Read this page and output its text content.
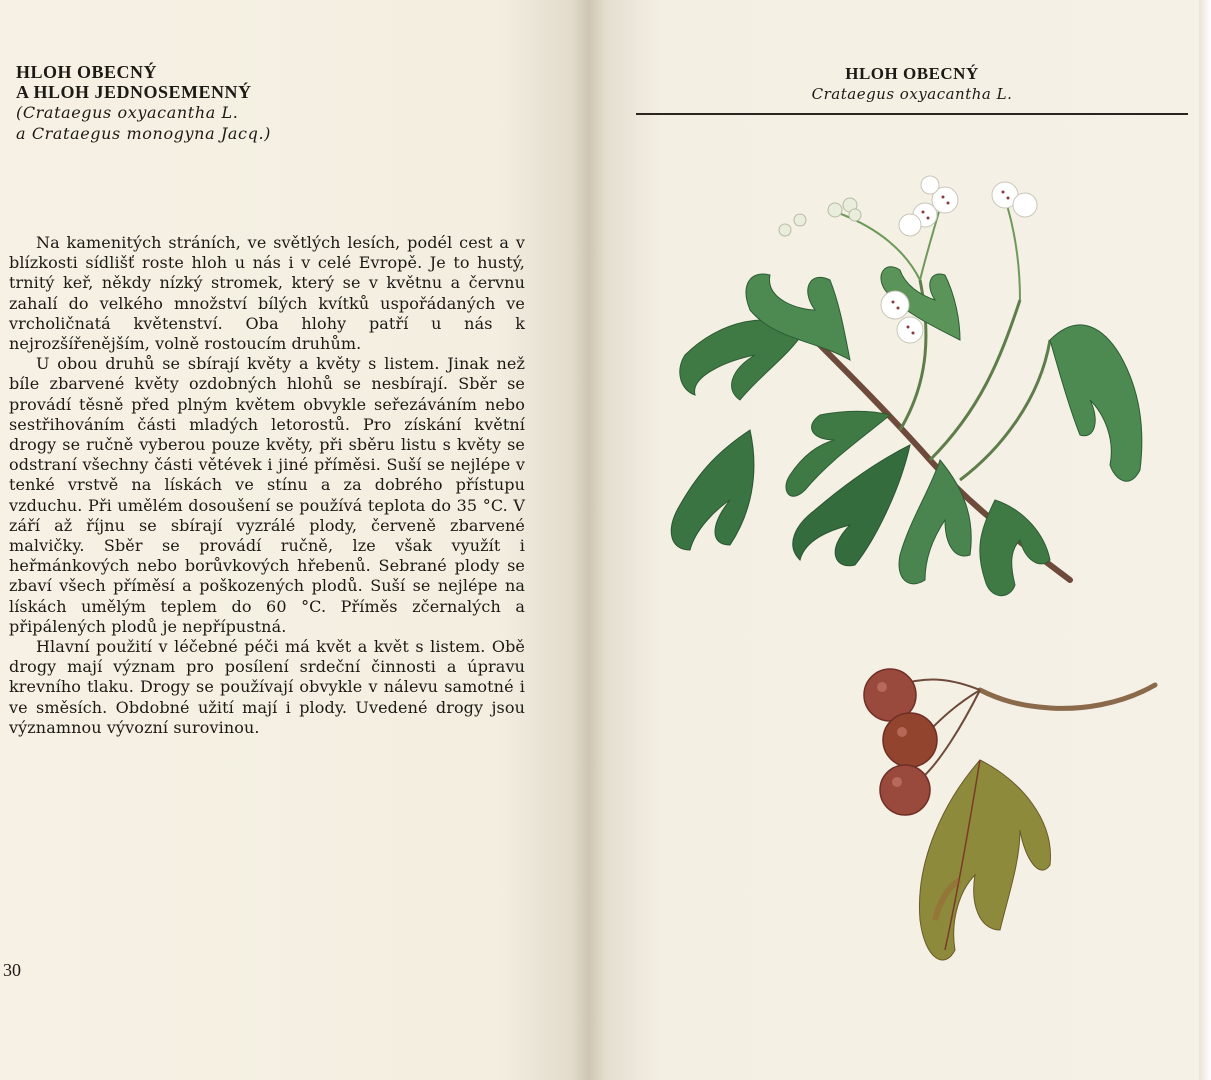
HLOH OBECNÝ
A HLOH JEDNOSEMENNÝ
(Crataegus oxyacantha L.
a Crataegus monogyna Jacq.)

Na kamenitých stráních, ve světlých lesích, podél cest a v blízkosti sídlišť roste hloh u nás i v celé Evropě. Je to hustý, trnitý keř, někdy nízký stromek, který se v květnu a červnu zahalí do velkého množství bílých kvítků uspořádaných ve vrcholičnatá květenství. Oba hlohy patří u nás k nejrozšířenějším, volně rostoucím druhům.

U obou druhů se sbírají květy a květy s listem. Jinak než bíle zbarvené květy ozdobných hlohů se nesbírají. Sběr se provádí těsně před plným květem obvykle seřezáváním nebo sestřihováním části mladých letorostů. Pro získání květní drogy se ručně vyberou pouze květy, při sběru listu s květy se odstraní všechny části větévek i jiné příměsi. Suší se nejlépe v tenké vrstvě na lískách ve stínu a za dobrého přístupu vzduchu. Při umělém dosoušení se používá teplota do 35 °C. V září až říjnu se sbírají vyzrálé plody, červeně zbarvené malvičky. Sběr se provádí ručně, lze však využít i heřmánkových nebo borůvkových hřebenů. Sebrané plody se zbaví všech příměsí a poškozených plodů. Suší se nejlépe na lískách umělým teplem do 60 °C. Příměs zčernalých a připálených plodů je nepřípustná.

Hlavní použití v léčebné péči má květ a květ s listem. Obě drogy mají význam pro posílení srdeční činnosti a úpravu krevního tlaku. Drogy se používají obvykle v nálevu samotné i ve směsích. Obdobné užití mají i plody. Uvedené drogy jsou významnou vývozní surovinou.

30
HLOH OBECNÝ
Crataegus oxyacantha L.
